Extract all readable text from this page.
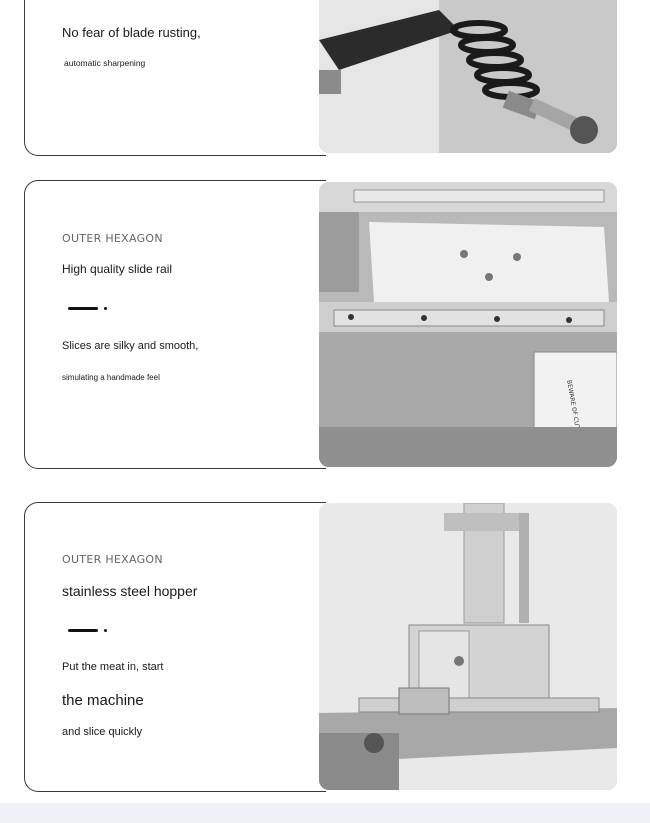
No fear of blade rusting,
automatic sharpening
OUTER HEXAGON
High quality slide rail
Slices are silky and smooth,
simulating a handmade feel
OUTER HEXAGON
stainless steel hopper
Put the meat in, start
the machine
and slice quickly
